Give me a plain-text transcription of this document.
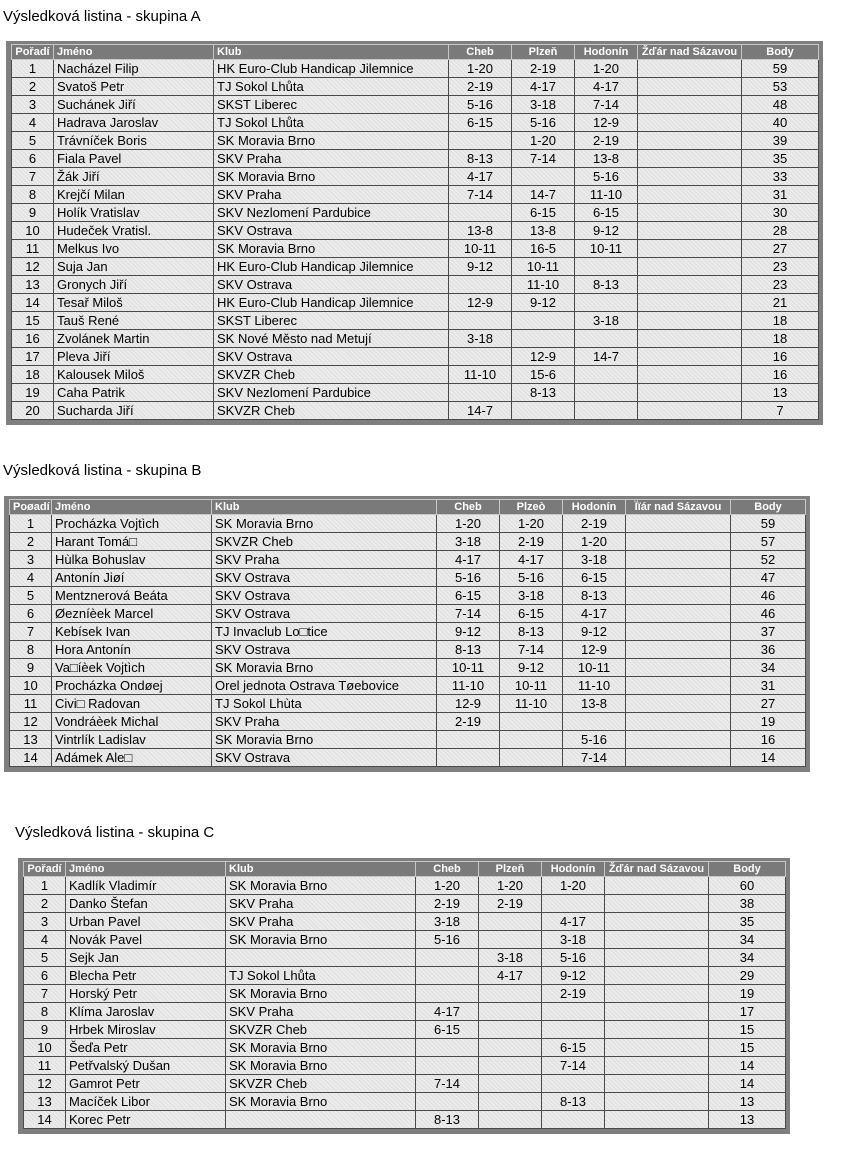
Výsledková listina - skupina A
Pořadí	Jméno	Klub	Cheb	Plzeň	Hodonín	Žďár nad Sázavou	Body
1	Nacházel Filip	HK Euro-Club Handicap Jilemnice	1-20	2-19	1-20		59
2	Svatoš Petr	TJ Sokol Lhůta	2-19	4-17	4-17		53
3	Suchánek Jiří	SKST Liberec	5-16	3-18	7-14		48
4	Hadrava Jaroslav	TJ Sokol Lhůta	6-15	5-16	12-9		40
5	Trávníček Boris	SK Moravia Brno		1-20	2-19		39
6	Fiala Pavel	SKV Praha	8-13	7-14	13-8		35
7	Žák Jiří	SK Moravia Brno	4-17		5-16		33
8	Krejčí Milan	SKV Praha	7-14	14-7	11-10		31
9	Holík Vratislav	SKV Nezlomení Pardubice		6-15	6-15		30
10	Hudeček Vratisl.	SKV Ostrava	13-8	13-8	9-12		28
11	Melkus Ivo	SK Moravia Brno	10-11	16-5	10-11		27
12	Suja Jan	HK Euro-Club Handicap Jilemnice	9-12	10-11			23
13	Gronych Jiří	SKV Ostrava		11-10	8-13		23
14	Tesař Miloš	HK Euro-Club Handicap Jilemnice	12-9	9-12			21
15	Tauš René	SKST Liberec			3-18		18
16	Zvolánek Martin	SK Nové Město nad Metují	3-18				18
17	Pleva Jiří	SKV Ostrava		12-9	14-7		16
18	Kalousek Miloš	SKVZR Cheb	11-10	15-6			16
19	Caha Patrik	SKV Nezlomení Pardubice		8-13			13
20	Sucharda Jiří	SKVZR Cheb	14-7				7
Výsledková listina - skupina B
Poøadí	Jméno	Klub	Cheb	Plzeò	Hodonín	Ïïár nad Sázavou	Body
1	Procházka Vojtìch	SK Moravia Brno	1-20	1-20	2-19		59
2	Harant Tomá□	SKVZR Cheb	3-18	2-19	1-20		57
3	Hùlka Bohuslav	SKV Praha	4-17	4-17	3-18		52
4	Antonín Jiøí	SKV Ostrava	5-16	5-16	6-15		47
5	Mentznerová Beáta	SKV Ostrava	6-15	3-18	8-13		46
6	Øezníèek Marcel	SKV Ostrava	7-14	6-15	4-17		46
7	Kebísek Ivan	TJ Invaclub Lo□tice	9-12	8-13	9-12		37
8	Hora Antonín	SKV Ostrava	8-13	7-14	12-9		36
9	Va□íèek Vojtìch	SK Moravia Brno	10-11	9-12	10-11		34
10	Procházka Ondøej	Orel jednota Ostrava Tøebovice	11-10	10-11	11-10		31
11	Civi□ Radovan	TJ Sokol Lhùta	12-9	11-10	13-8		27
12	Vondráèek Michal	SKV Praha	2-19				19
13	Vintrlík Ladislav	SK Moravia Brno			5-16		16
14	Adámek Ale□	SKV Ostrava			7-14		14
Výsledková listina - skupina C
Pořadí	Jméno	Klub	Cheb	Plzeň	Hodonín	Žďár nad Sázavou	Body
1	Kadlík Vladimír	SK Moravia Brno	1-20	1-20	1-20		60
2	Danko Štefan	SKV Praha	2-19	2-19			38
3	Urban Pavel	SKV Praha	3-18		4-17		35
4	Novák Pavel	SK Moravia Brno	5-16		3-18		34
5	Sejk Jan			3-18	5-16		34
6	Blecha Petr	TJ Sokol Lhůta		4-17	9-12		29
7	Horský Petr	SK Moravia Brno			2-19		19
8	Klíma Jaroslav	SKV Praha	4-17				17
9	Hrbek Miroslav	SKVZR Cheb	6-15				15
10	Šeďa Petr	SK Moravia Brno			6-15		15
11	Petřvalský Dušan	SK Moravia Brno			7-14		14
12	Gamrot Petr	SKVZR Cheb	7-14				14
13	Macíček Libor	SK Moravia Brno			8-13		13
14	Korec Petr		8-13				13
